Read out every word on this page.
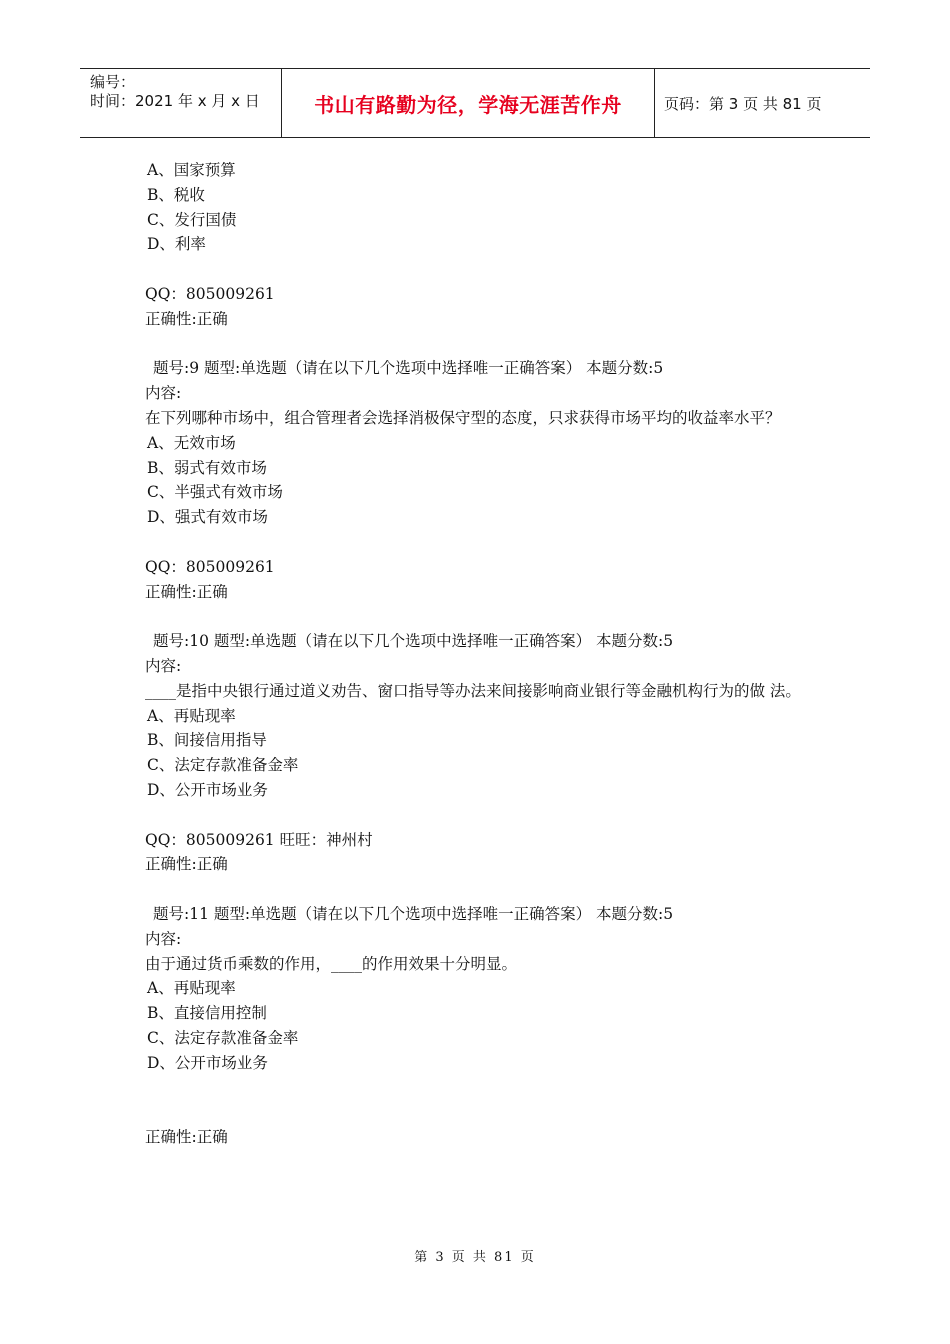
编号：
时间：2021 年 x 月 x 日	书山有路勤为径，学海无涯苦作舟	页码：第 3 页 共 81 页
A、国家预算
B、税收
C、发行国债
D、利率
QQ：805009261
正确性:正确
题号:9 题型:单选题（请在以下几个选项中选择唯一正确答案） 本题分数:5
内容:
在下列哪种市场中，组合管理者会选择消极保守型的态度，只求获得市场平均的收益率水平？
A、无效市场
B、弱式有效市场
C、半强式有效市场
D、强式有效市场
QQ：805009261
正确性:正确
题号:10 题型:单选题（请在以下几个选项中选择唯一正确答案） 本题分数:5
内容:
____是指中央银行通过道义劝告、窗口指导等办法来间接影响商业银行等金融机构行为的做 法。
A、再贴现率
B、间接信用指导
C、法定存款准备金率
D、公开市场业务
QQ：805009261 旺旺：神州村
正确性:正确
题号:11 题型:单选题（请在以下几个选项中选择唯一正确答案） 本题分数:5
内容:
由于通过货币乘数的作用，____的作用效果十分明显。
A、再贴现率
B、直接信用控制
C、法定存款准备金率
D、公开市场业务
正确性:正确
第 3 页 共 81 页
